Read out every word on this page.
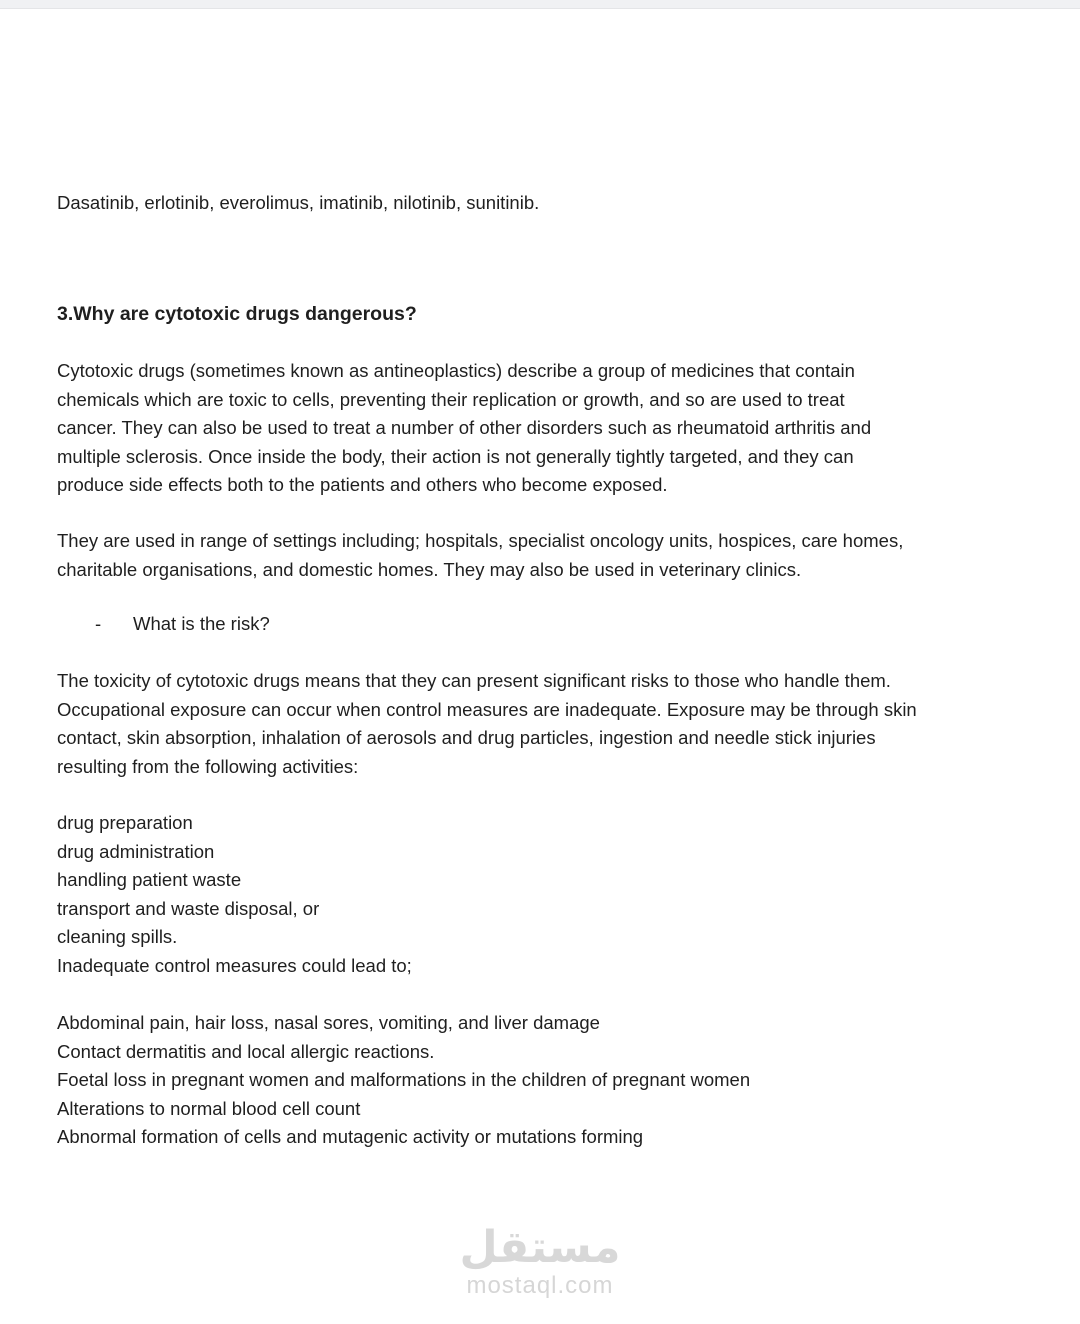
Dasatinib, erlotinib, everolimus, imatinib, nilotinib, sunitinib.
3.Why are cytotoxic drugs dangerous?
Cytotoxic drugs (sometimes known as antineoplastics) describe a group of medicines that contain
chemicals which are toxic to cells, preventing their replication or growth, and so are used to treat
cancer. They can also be used to treat a number of other disorders such as rheumatoid arthritis and
multiple sclerosis. Once inside the body, their action is not generally tightly targeted, and they can
produce side effects both to the patients and others who become exposed.
They are used in range of settings including; hospitals, specialist oncology units, hospices, care homes,
charitable organisations, and domestic homes. They may also be used in veterinary clinics.
-	What is the risk?
The toxicity of cytotoxic drugs means that they can present significant risks to those who handle them.
Occupational exposure can occur when control measures are inadequate. Exposure may be through skin
contact, skin absorption, inhalation of aerosols and drug particles, ingestion and needle stick injuries
resulting from the following activities:
drug preparation
drug administration
handling patient waste
transport and waste disposal, or
cleaning spills.
Inadequate control measures could lead to;
Abdominal pain, hair loss, nasal sores, vomiting, and liver damage
Contact dermatitis and local allergic reactions.
Foetal loss in pregnant women and malformations in the children of pregnant women
Alterations to normal blood cell count
Abnormal formation of cells and mutagenic activity or mutations forming
مستقل
mostaql.com
